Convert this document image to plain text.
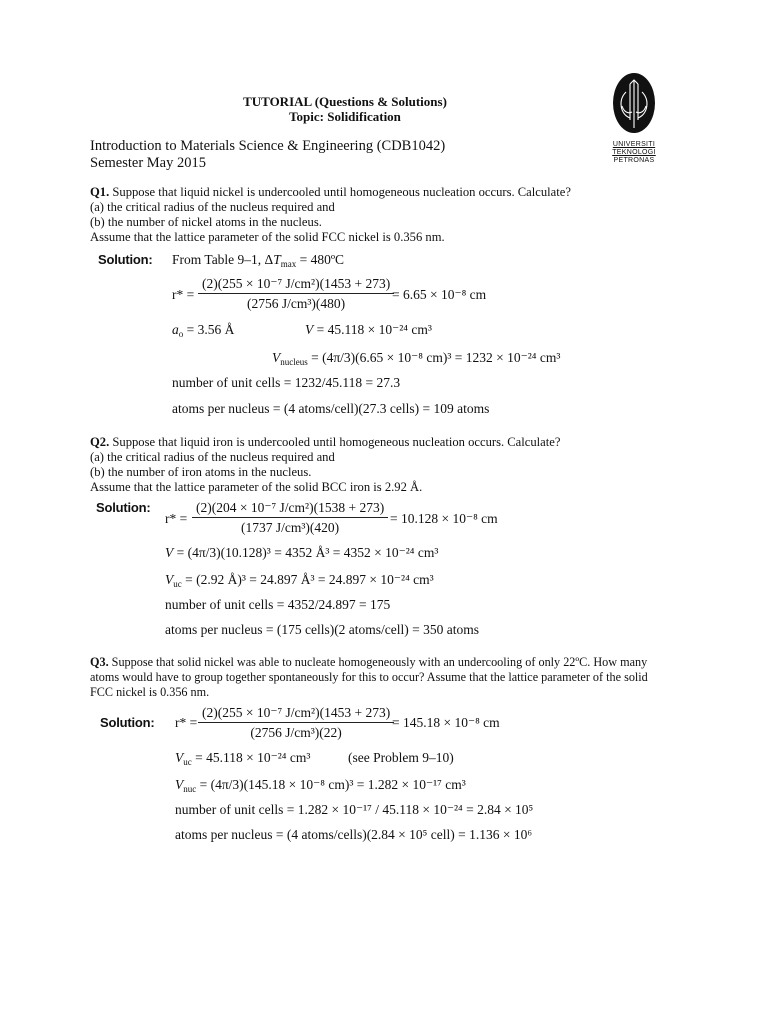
TUTORIAL (Questions & Solutions)
Topic: Solidification
UNIVERSITI
TEKNOLOGI
PETRONAS
Introduction to Materials Science & Engineering (CDB1042)
Semester May 2015
Q1. Suppose that liquid nickel is undercooled until homogeneous nucleation occurs. Calculate?
(a) the critical radius of the nucleus required and
(b) the number of nickel atoms in the nucleus.
Assume that the lattice parameter of the solid FCC nickel is 0.356 nm.
Solution: From Table 9–1, $\Delta T_{max}$ = 480ºC
r* =
(2)(255 × 10⁻⁷ J/cm²)(1453 + 273)
(2756 J/cm³)(480)
= 6.65 × 10⁻⁸ cm
$a_o = 3.56$ Å	V = 45.118 × 10⁻²⁴ cm³
$V_{nucleus} = (4\pi/3)(6.65 \times 10^{-8}$ cm)³ = 1232 × 10⁻²⁴ cm³
number of unit cells = 1232/45.118 = 27.3
atoms per nucleus = (4 atoms/cell)(27.3 cells) = 109 atoms
Q2. Suppose that liquid iron is undercooled until homogeneous nucleation occurs. Calculate?
(a) the critical radius of the nucleus required and
(b) the number of iron atoms in the nucleus.
Assume that the lattice parameter of the solid BCC iron is 2.92 Å.
Solution:
r* =
(2)(204 × 10⁻⁷ J/cm²)(1538 + 273)
(1737 J/cm³)(420)
= 10.128 × 10⁻⁸ cm
V = (4π/3)(10.128)³ = 4352 Å³ = 4352 × 10⁻²⁴ cm³
$V_{uc} = (2.92$ Å)³ = 24.897 Å³ = 24.897 × 10⁻²⁴ cm³
number of unit cells = 4352/24.897 = 175
atoms per nucleus = (175 cells)(2 atoms/cell) = 350 atoms
Q3. Suppose that solid nickel was able to nucleate homogeneously with an undercooling of only 22ºC. How many
atoms would have to group together spontaneously for this to occur? Assume that the lattice parameter of the solid
FCC nickel is 0.356 nm.
Solution: r* =
(2)(255 × 10⁻⁷ J/cm²)(1453 + 273)
(2756 J/cm³)(22)
= 145.18 × 10⁻⁸ cm
$V_{uc} = 45.118 \times 10^{-24}$ cm³	(see Problem 9–10)
$V_{nuc} = (4\pi/3)(145.18 \times 10^{-8}$ cm)³ = 1.282 × 10⁻¹⁷ cm³
number of unit cells = 1.282 × 10⁻¹⁷ / 45.118 × 10⁻²⁴ = 2.84 × 10⁵
atoms per nucleus = (4 atoms/cells)(2.84 × 10⁵ cell) = 1.136 × 10⁶
